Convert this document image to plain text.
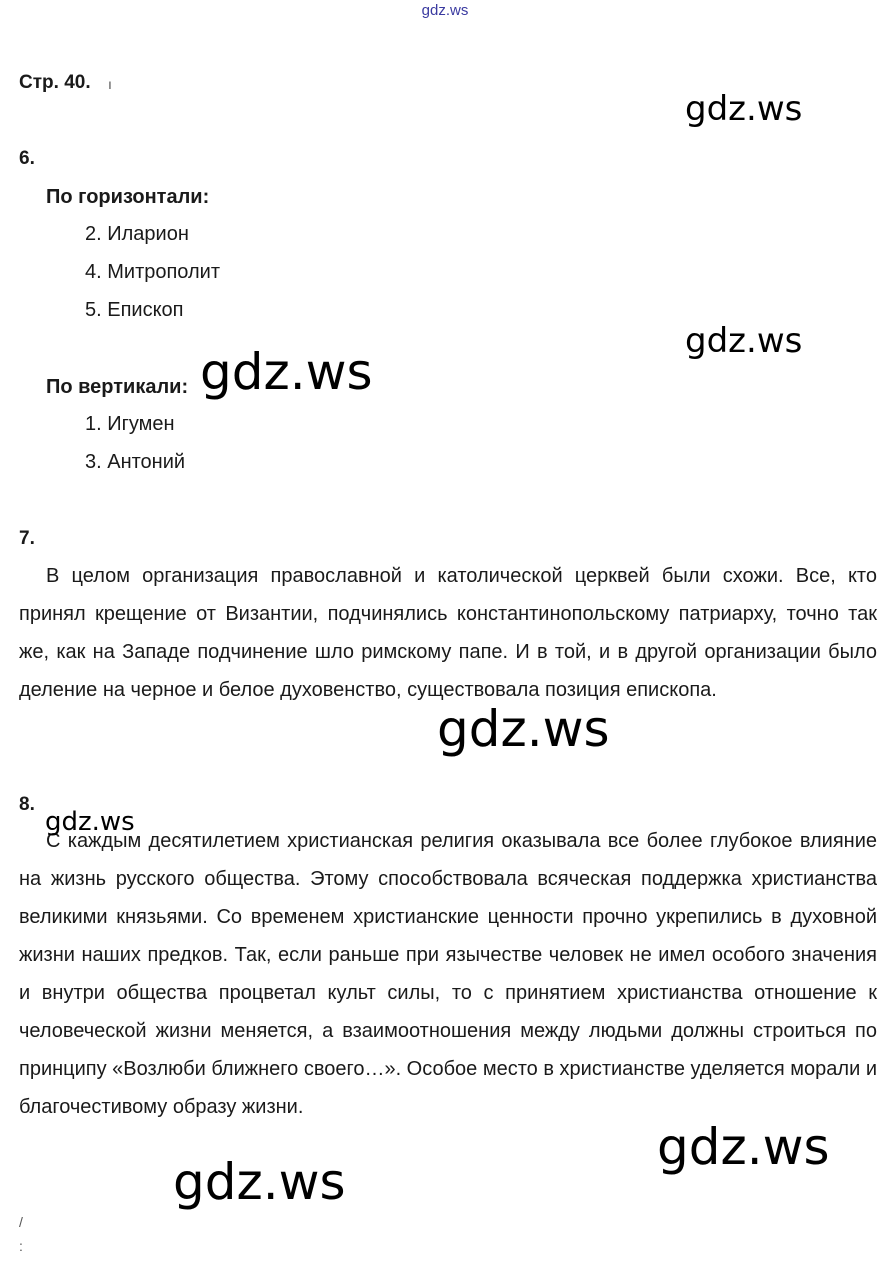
gdz.ws
Стр. 40.
6.
По горизонтали:
2. Иларион
4. Митрополит
5. Епископ
По вертикали:
1. Игумен
3. Антоний
7.

В целом организация православной и католической церквей были схожи. Все, кто принял крещение от Византии, подчинялись константинопольскому патриарху, точно так же, как на Западе подчинение шло римскому папе. И в той, и в другой организации было деление на черное и белое духовенство, существовала позиция епископа.

8.

С каждым десятилетием христианская религия оказывала все более глубокое влияние на жизнь русского общества. Этому способствовала всяческая поддержка христианства великими князьями. Со временем христианские ценности прочно укрепились в духовной жизни наших предков. Так, если раньше при язычестве человек не имел особого значения и внутри общества процветал культ силы, то с принятием христианства отношение к человеческой жизни меняется, а взаимоотношения между людьми должны строиться по принципу «Возлюби ближнего своего…». Особое место в христианстве уделяется морали и благочестивому образу жизни.

gdz.ws
gdz.ws
gdz.ws
gdz.ws
gdz.ws
gdz.ws
gdz.ws
ı
/
:
